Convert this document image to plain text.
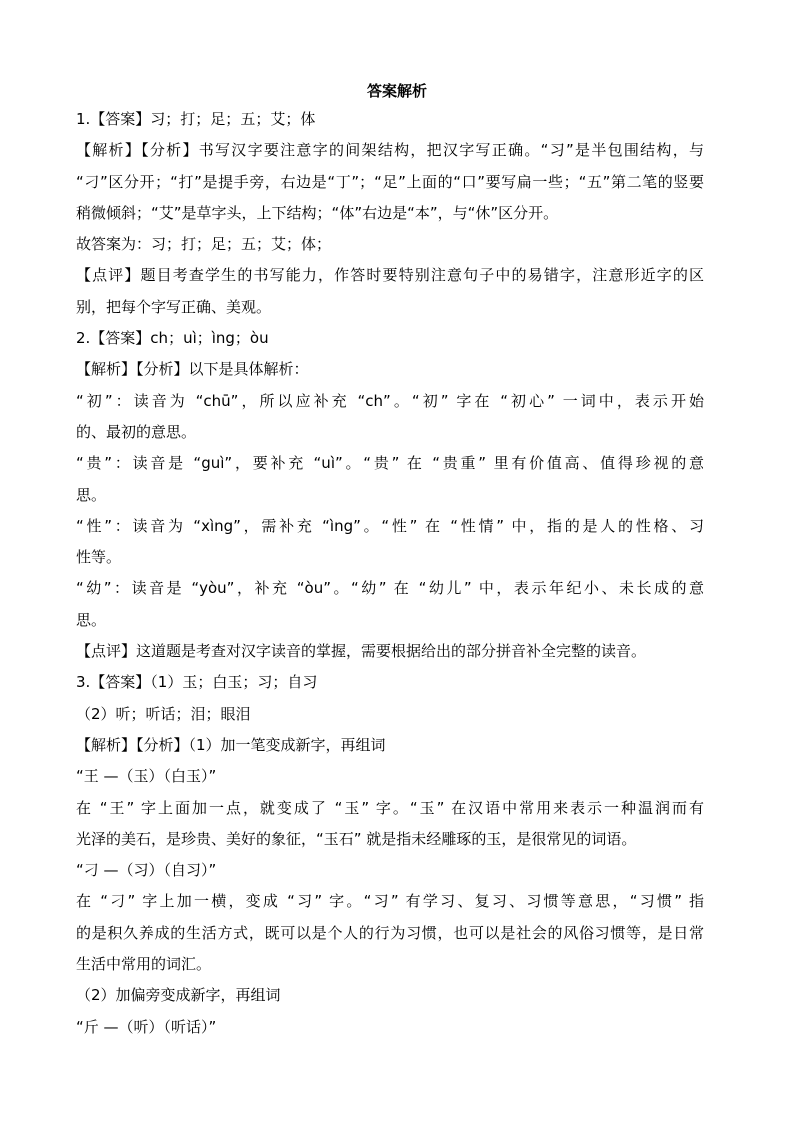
答案解析
1.【答案】习；打；足；五；艾；体
【解析】【分析】书写汉字要注意字的间架结构，把汉字写正确。“习”是半包围结构，与
“刁”区分开；“打”是提手旁，右边是“丁”；“足”上面的“口”要写扁一些；“五”第二笔的竖要
稍微倾斜；“艾”是草字头，上下结构；“体”右边是“本”，与“休”区分开。
故答案为：习；打；足；五；艾；体；
【点评】题目考查学生的书写能力，作答时要特别注意句子中的易错字，注意形近字的区
别，把每个字写正确、美观。
2.【答案】ch；uì；ìng；òu
【解析】【分析】以下是具体解析：
“初”：读音为 “chū”，所以应补充 “ch”。“初” 字在 “初心” 一词中，表示开始
的、最初的意思。
“贵”：读音是 “guì”，要补充 “uì”。“贵” 在 “贵重” 里有价值高、值得珍视的意
思。
“性”：读音为 “xìng”，需补充 “ìng”。“性” 在 “性情” 中，指的是人的性格、习
性等。
“幼”：读音是 “yòu”，补充 “òu”。“幼” 在 “幼儿” 中，表示年纪小、未长成的意
思。
【点评】这道题是考查对汉字读音的掌握，需要根据给出的部分拼音补全完整的读音。
3.【答案】（1）玉；白玉；习；自习
（2）听；听话；泪；眼泪
【解析】【分析】（1）加一笔变成新字，再组词
“王 —（玉）（白玉）”
在 “王” 字上面加一点，就变成了 “玉” 字。“玉” 在汉语中常用来表示一种温润而有
光泽的美石，是珍贵、美好的象征，“玉石” 就是指未经雕琢的玉，是很常见的词语。
“刁 —（习）（自习）”
在 “刁” 字上加一横，变成 “习” 字。“习” 有学习、复习、习惯等意思，“习惯” 指
的是积久养成的生活方式，既可以是个人的行为习惯，也可以是社会的风俗习惯等，是日常
生活中常用的词汇。
（2）加偏旁变成新字，再组词
“斤 —（听）（听话）”
